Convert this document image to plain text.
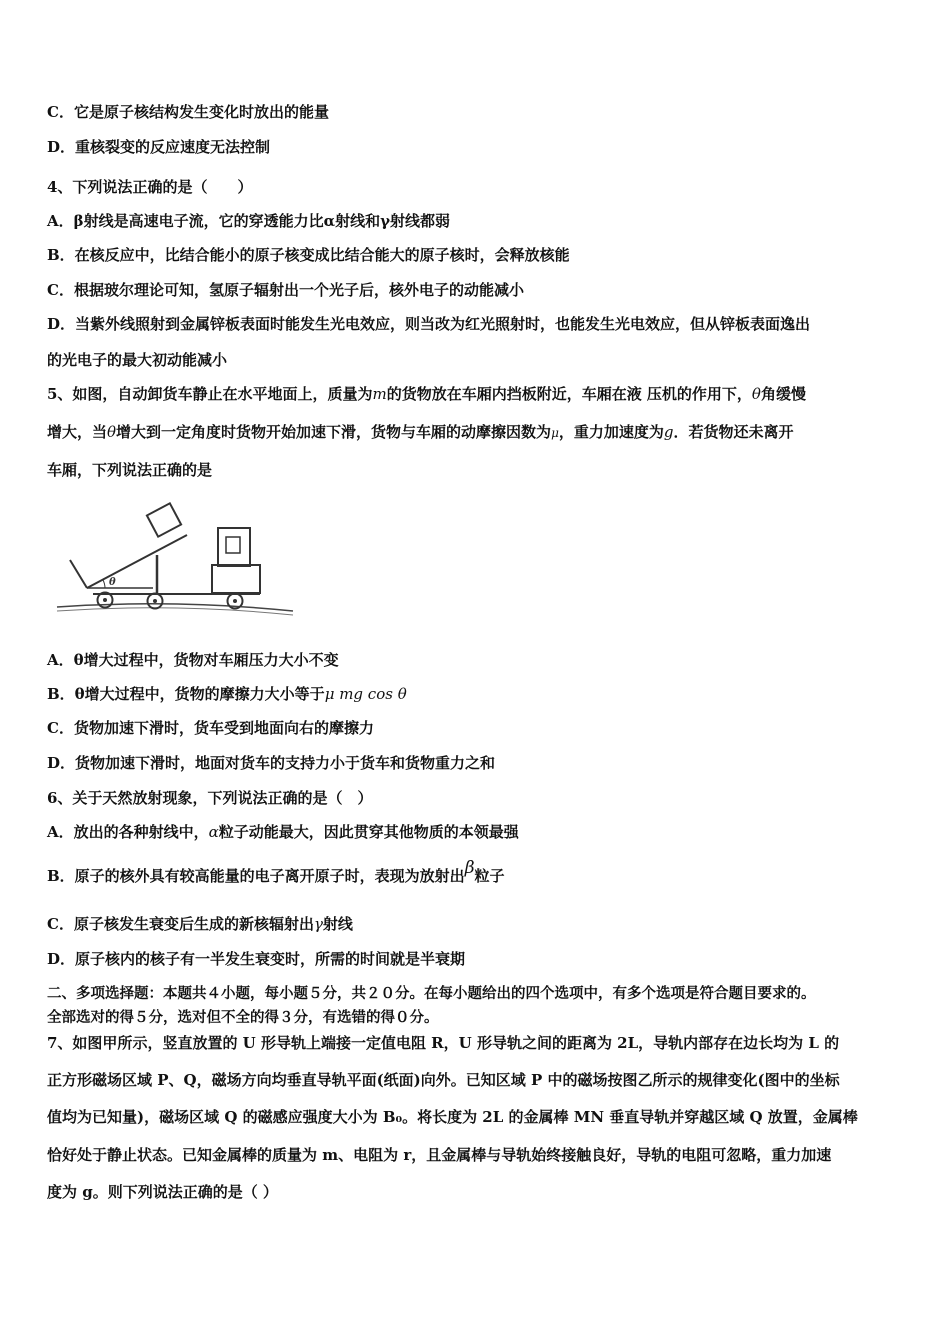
C．它是原子核结构发生变化时放出的能量
D．重核裂变的反应速度无法控制
4、下列说法正确的是（　　）
A．β射线是高速电子流，它的穿透能力比α射线和γ射线都弱
B．在核反应中，比结合能小的原子核变成比结合能大的原子核时，会释放核能
C．根据玻尔理论可知，氢原子辐射出一个光子后，核外电子的动能减小
D．当紫外线照射到金属锌板表面时能发生光电效应，则当改为红光照射时，也能发生光电效应，但从锌板表面逸出
的光电子的最大初动能减小
5、如图，自动卸货车静止在水平地面上，质量为m的货物放在车厢内挡板附近，车厢在液 压机的作用下，θ角缓慢
增大，当θ增大到一定角度时货物开始加速下滑，货物与车厢的动摩擦因数为μ，重力加速度为g．若货物还未离开
车厢，下列说法正确的是
θ
A．θ增大过程中，货物对车厢压力大小不变
B．θ增大过程中，货物的摩擦力大小等于μ mg cos θ
C．货物加速下滑时，货车受到地面向右的摩擦力
D．货物加速下滑时，地面对货车的支持力小于货车和货物重力之和
6、关于天然放射现象，下列说法正确的是（　）
A．放出的各种射线中，α粒子动能最大，因此贯穿其他物质的本领最强
B．原子的核外具有较高能量的电子离开原子时，表现为放射出β粒子
C．原子核发生衰变后生成的新核辐射出γ射线
D．原子核内的核子有一半发生衰变时，所需的时间就是半衰期
二、多项选择题：本题共４小题，每小题５分，共２０分。在每小题给出的四个选项中，有多个选项是符合题目要求的。
全部选对的得５分，选对但不全的得３分，有选错的得０分。
7、如图甲所示，竖直放置的 U 形导轨上端接一定值电阻 R，U 形导轨之间的距离为 2L，导轨内部存在边长均为 L 的
正方形磁场区域 P、Q，磁场方向均垂直导轨平面(纸面)向外。已知区域 P 中的磁场按图乙所示的规律变化(图中的坐标
值均为已知量)，磁场区域 Q 的磁感应强度大小为 B₀。将长度为 2L 的金属棒 MN 垂直导轨并穿越区域 Q 放置，金属棒
恰好处于静止状态。已知金属棒的质量为 m、电阻为 r，且金属棒与导轨始终接触良好，导轨的电阻可忽略，重力加速
度为 g。则下列说法正确的是（ ）
